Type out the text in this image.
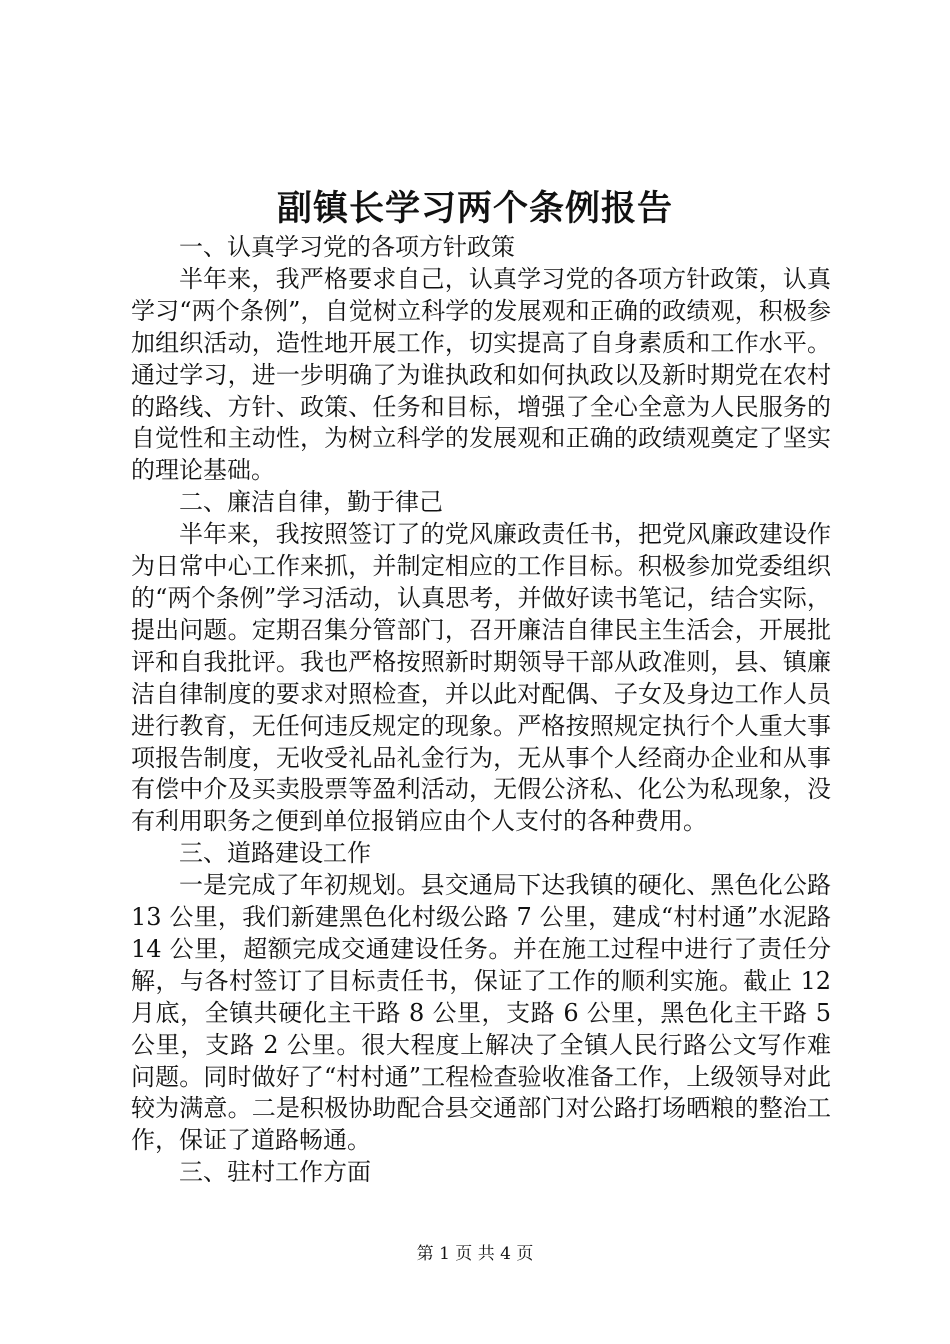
副镇长学习两个条例报告

一、认真学习党的各项方针政策

半年来，我严格要求自己，认真学习党的各项方针政策，认真学习“两个条例”，自觉树立科学的发展观和正确的政绩观，积极参加组织活动，造性地开展工作，切实提高了自身素质和工作水平。通过学习，进一步明确了为谁执政和如何执政以及新时期党在农村的路线、方针、政策、任务和目标，增强了全心全意为人民服务的自觉性和主动性，为树立科学的发展观和正确的政绩观奠定了坚实的理论基础。

二、廉洁自律，勤于律己

半年来，我按照签订了的党风廉政责任书，把党风廉政建设作为日常中心工作来抓，并制定相应的工作目标。积极参加党委组织的“两个条例”学习活动，认真思考，并做好读书笔记，结合实际，提出问题。定期召集分管部门，召开廉洁自律民主生活会，开展批评和自我批评。我也严格按照新时期领导干部从政准则，县、镇廉洁自律制度的要求对照检查，并以此对配偶、子女及身边工作人员进行教育，无任何违反规定的现象。严格按照规定执行个人重大事项报告制度，无收受礼品礼金行为，无从事个人经商办企业和从事有偿中介及买卖股票等盈利活动，无假公济私、化公为私现象，没有利用职务之便到单位报销应由个人支付的各种费用。

三、道路建设工作

一是完成了年初规划。县交通局下达我镇的硬化、黑色化公路 13 公里，我们新建黑色化村级公路 7 公里，建成“村村通”水泥路 14 公里，超额完成交通建设任务。并在施工过程中进行了责任分解，与各村签订了目标责任书，保证了工作的顺利实施。截止 12 月底，全镇共硬化主干路 8 公里，支路 6 公里，黑色化主干路 5 公里，支路 2 公里。很大程度上解决了全镇人民行路公文写作难问题。同时做好了“村村通”工程检查验收准备工作，上级领导对此较为满意。二是积极协助配合县交通部门对公路打场晒粮的整治工作，保证了道路畅通。

三、驻村工作方面

第 1 页 共 4 页
